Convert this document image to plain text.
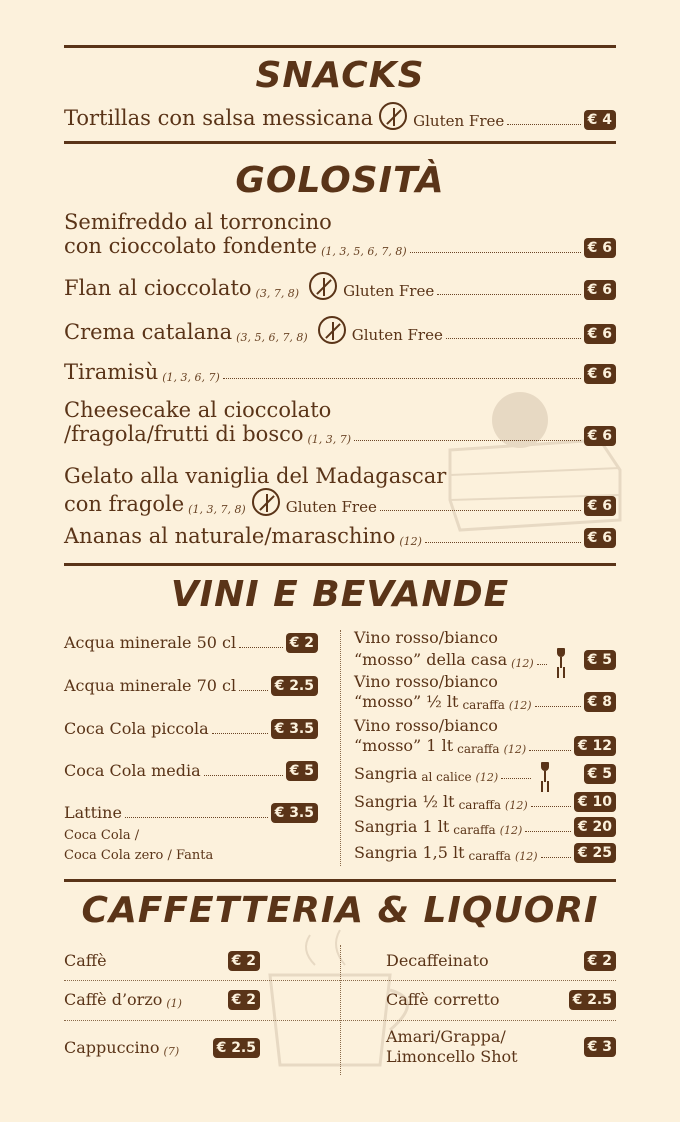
SNACKS
Tortillas con salsa messicana	Gluten Free	€ 4
GOLOSITÀ
Semifreddo al torroncino
con cioccolato fondente (1, 3, 5, 6, 7, 8)	€ 6
Flan al cioccolato (3, 7, 8)	Gluten Free	€ 6
Crema catalana (3, 5, 6, 7, 8)	Gluten Free	€ 6
Tiramisù (1, 3, 6, 7)	€ 6
Cheesecake al cioccolato
/fragola/frutti di bosco (1, 3, 7)	€ 6
Gelato alla vaniglia del Madagascar
con fragole (1, 3, 7, 8)	Gluten Free	€ 6
Ananas al naturale/maraschino (12)	€ 6
VINI E BEVANDE
Acqua minerale 50 cl	€ 2
Acqua minerale 70 cl	€ 2.5
Coca Cola piccola	€ 3.5
Coca Cola media	€ 5
Lattine	€ 3.5
Coca Cola /
Coca Cola zero / Fanta
Vino rosso/bianco
“mosso” della casa (12)	€ 5
Vino rosso/bianco
“mosso” ½ lt caraffa (12)	€ 8
Vino rosso/bianco
“mosso” 1 lt caraffa (12)	€ 12
Sangria al calice (12)	€ 5
Sangria ½ lt caraffa (12)	€ 10
Sangria 1 lt caraffa (12)	€ 20
Sangria 1,5 lt caraffa (12)	€ 25
CAFFETTERIA & LIQUORI
Caffè	€ 2
Caffè d’orzo (1)	€ 2
Cappuccino (7)	€ 2.5
Decaffeinato	€ 2
Caffè corretto	€ 2.5
Amari/Grappa/
Limoncello Shot	€ 3
